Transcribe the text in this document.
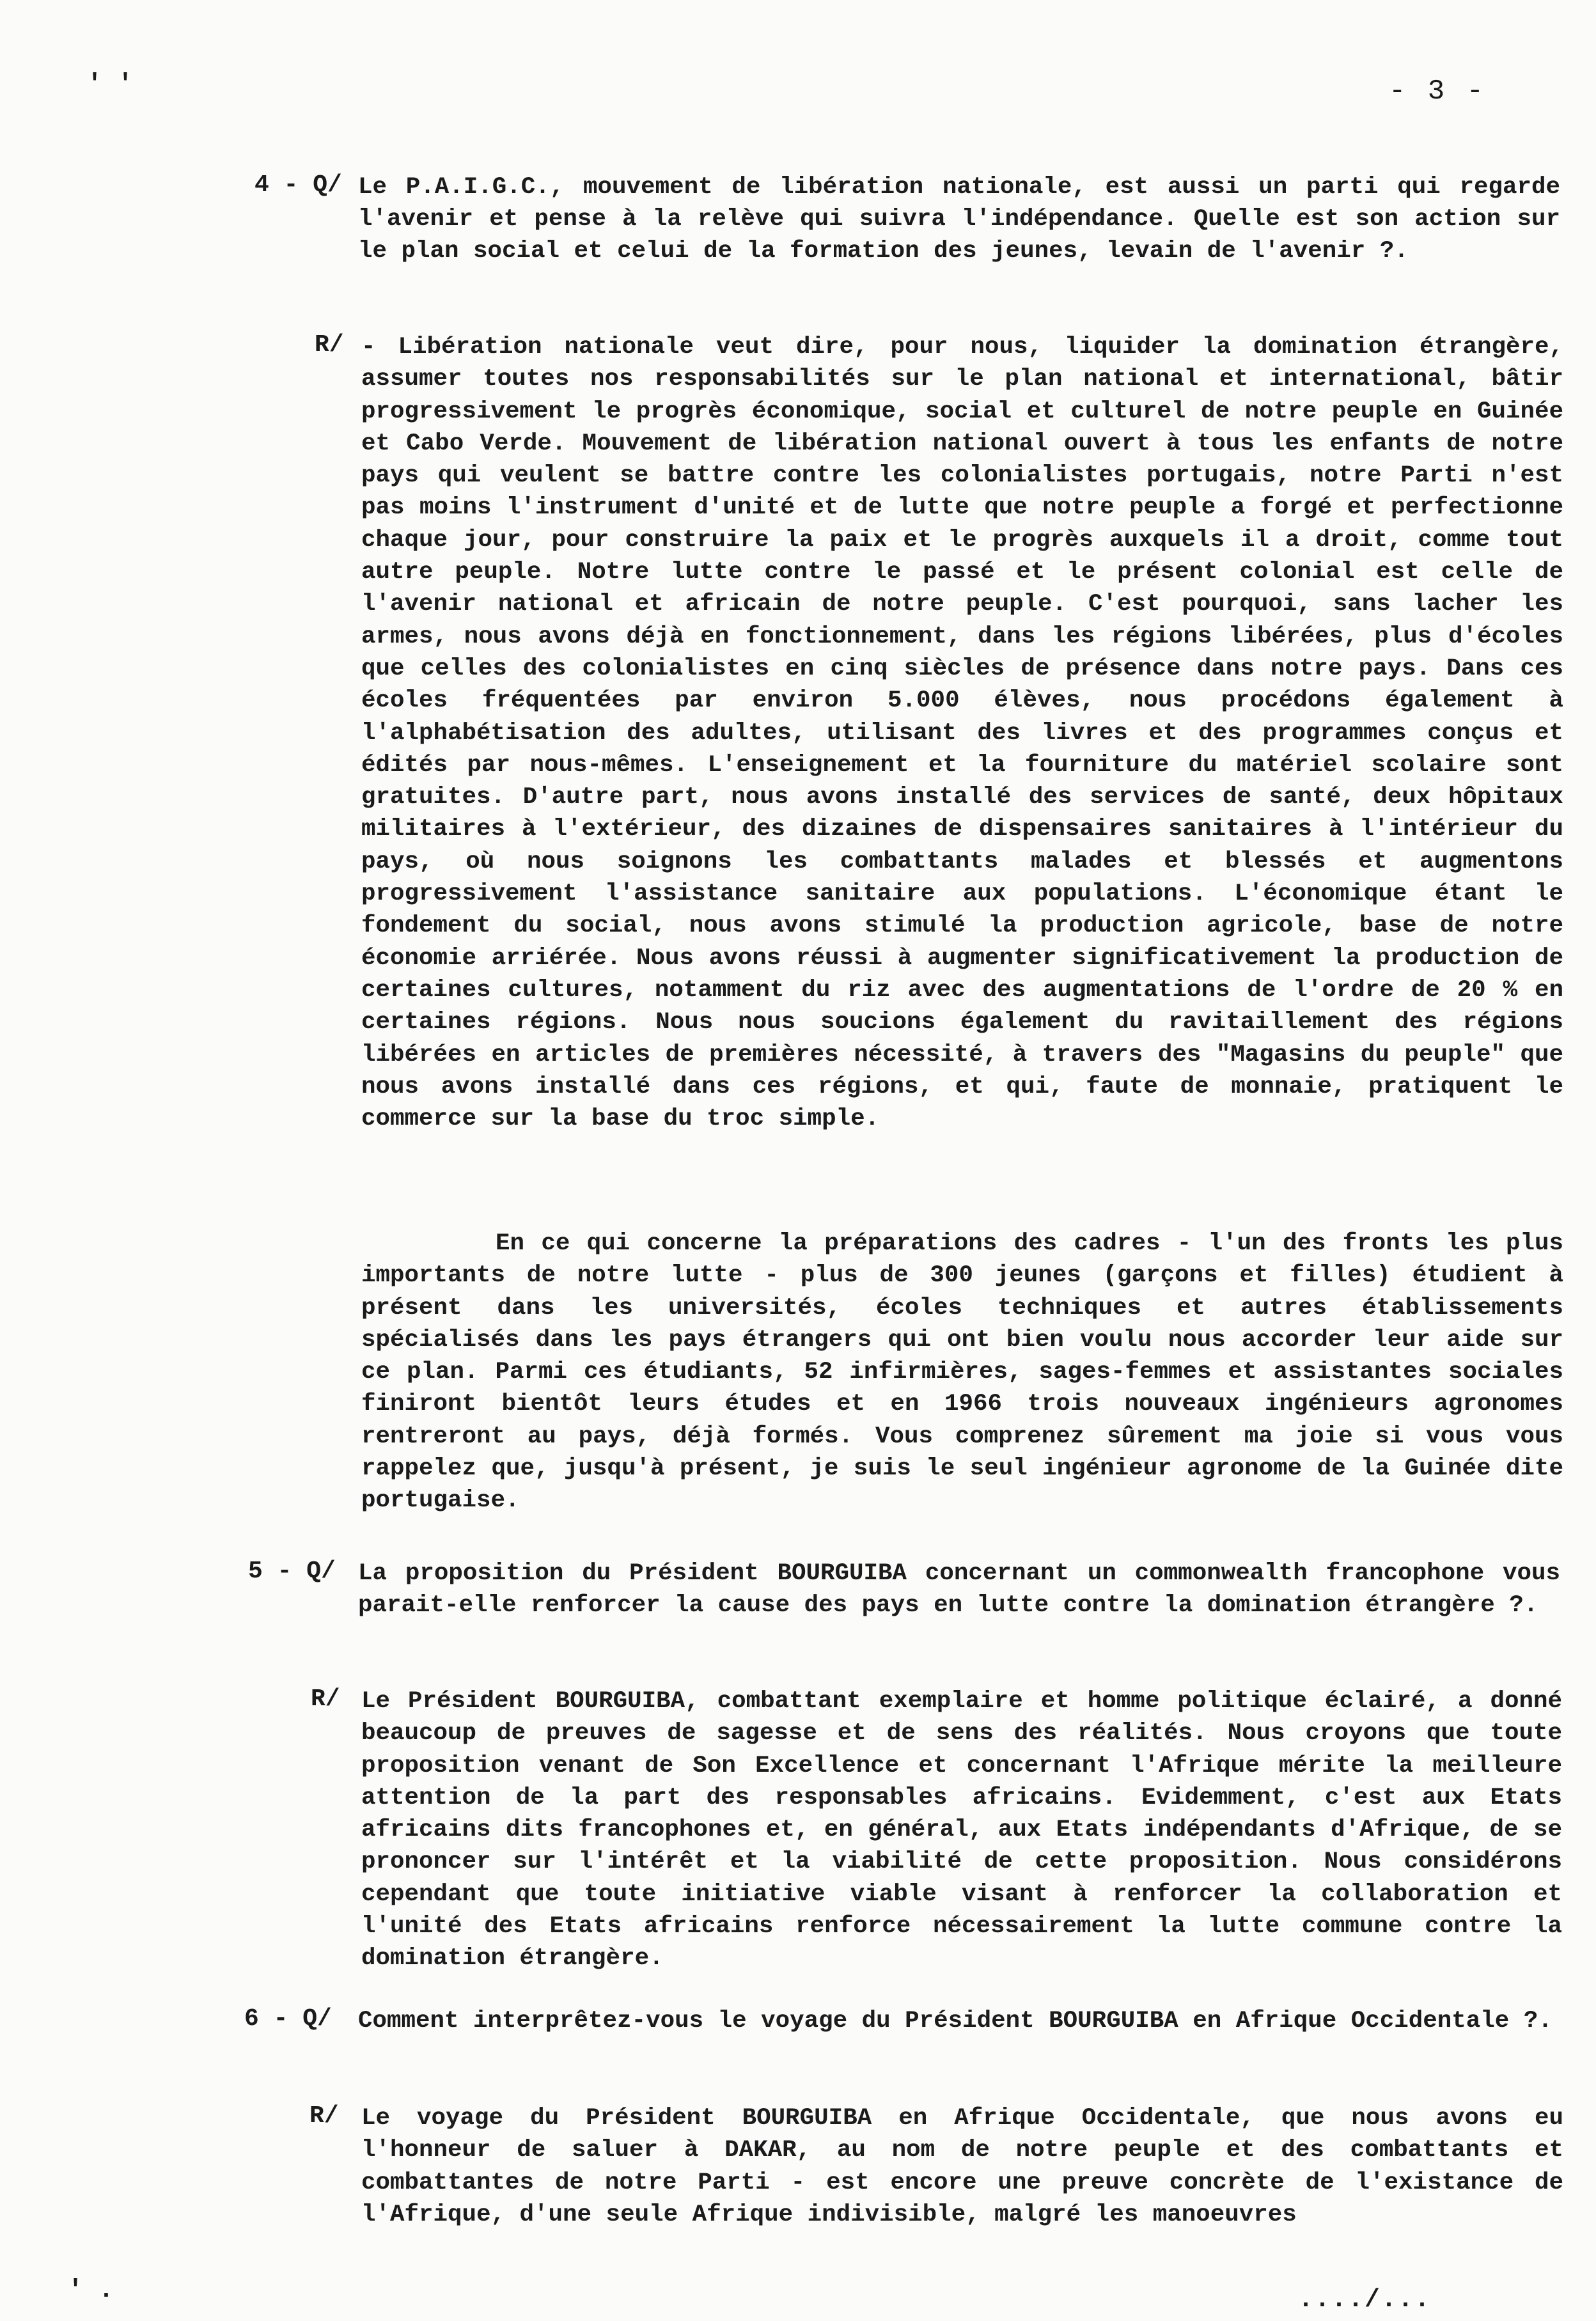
' '	- 3 -
4 - Q/ Le P.A.I.G.C., mouvement de libération nationale, est aussi un parti qui regarde l'avenir et pense à la relève qui suivra l'indépendance. Quelle est son action sur le plan social et celui de la formation des jeunes, levain de l'avenir ?.

R/ - Libération nationale veut dire, pour nous, liquider la domination étrangère, assumer toutes nos responsabilités sur le plan national et international, bâtir progressivement le progrès économique, social et culturel de notre peuple en Guinée et Cabo Verde. Mouvement de libération national ouvert à tous les enfants de notre pays qui veulent se battre contre les colonialistes portugais, notre Parti n'est pas moins l'instrument d'unité et de lutte que notre peuple a forgé et perfectionne chaque jour, pour construire la paix et le progrès auxquels il a droit, comme tout autre peuple. Notre lutte contre le passé et le présent colonial est celle de l'avenir national et africain de notre peuple. C'est pourquoi, sans lacher les armes, nous avons déjà en fonctionnement, dans les régions libérées, plus d'écoles que celles des colonialistes en cinq siècles de présence dans notre pays. Dans ces écoles fréquentées par environ 5.000 élèves, nous procédons également à l'alphabétisation des adultes, utilisant des livres et des programmes conçus et édités par nous-mêmes. L'enseignement et la fourniture du matériel scolaire sont gratuites. D'autre part, nous avons installé des services de santé, deux hôpitaux militaires à l'extérieur, des dizaines de dispensaires sanitaires à l'intérieur du pays, où nous soignons les combattants malades et blessés et augmentons progressivement l'assistance sanitaire aux populations. L'économique étant le fondement du social, nous avons stimulé la production agricole, base de notre économie arriérée. Nous avons réussi à augmenter significativement la production de certaines cultures, notamment du riz avec des augmentations de l'ordre de 20 % en certaines régions. Nous nous soucions également du ravitaillement des régions libérées en articles de premières nécessité, à travers des "Magasins du peuple" que nous avons installé dans ces régions, et qui, faute de monnaie, pratiquent le commerce sur la base du troc simple.

En ce qui concerne la préparations des cadres - l'un des fronts les plus importants de notre lutte - plus de 300 jeunes (garçons et filles) étudient à présent dans les universités, écoles techniques et autres établissements spécialisés dans les pays étrangers qui ont bien voulu nous accorder leur aide sur ce plan. Parmi ces étudiants, 52 infirmières, sages-femmes et assistantes sociales finiront bientôt leurs études et en 1966 trois nouveaux ingénieurs agronomes rentreront au pays, déjà formés. Vous comprenez sûrement ma joie si vous vous rappelez que, jusqu'à présent, je suis le seul ingénieur agronome de la Guinée dite portugaise.

5 - Q/ La proposition du Président BOURGUIBA concernant un commonwealth francophone vous parait-elle renforcer la cause des pays en lutte contre la domination étrangère ?.

R/ Le Président BOURGUIBA, combattant exemplaire et homme politique éclairé, a donné beaucoup de preuves de sagesse et de sens des réalités. Nous croyons que toute proposition venant de Son Excellence et concernant l'Afrique mérite la meilleure attention de la part des responsables africains. Evidemment, c'est aux Etats africains dits francophones et, en général, aux Etats indépendants d'Afrique, de se prononcer sur l'intérêt et la viabilité de cette proposition. Nous considérons cependant que toute initiative viable visant à renforcer la collaboration et l'unité des Etats africains renforce nécessairement la lutte commune contre la domination étrangère.

6 - Q/ Comment interprêtez-vous le voyage du Président BOURGUIBA en Afrique Occidentale ?.

R/ Le voyage du Président BOURGUIBA en Afrique Occidentale, que nous avons eu l'honneur de saluer à DAKAR, au nom de notre peuple et des combattants et combattantes de notre Parti - est encore une preuve concrète de l'existance de l'Afrique, d'une seule Afrique indivisible, malgré les manoeuvres

..../...
' .
